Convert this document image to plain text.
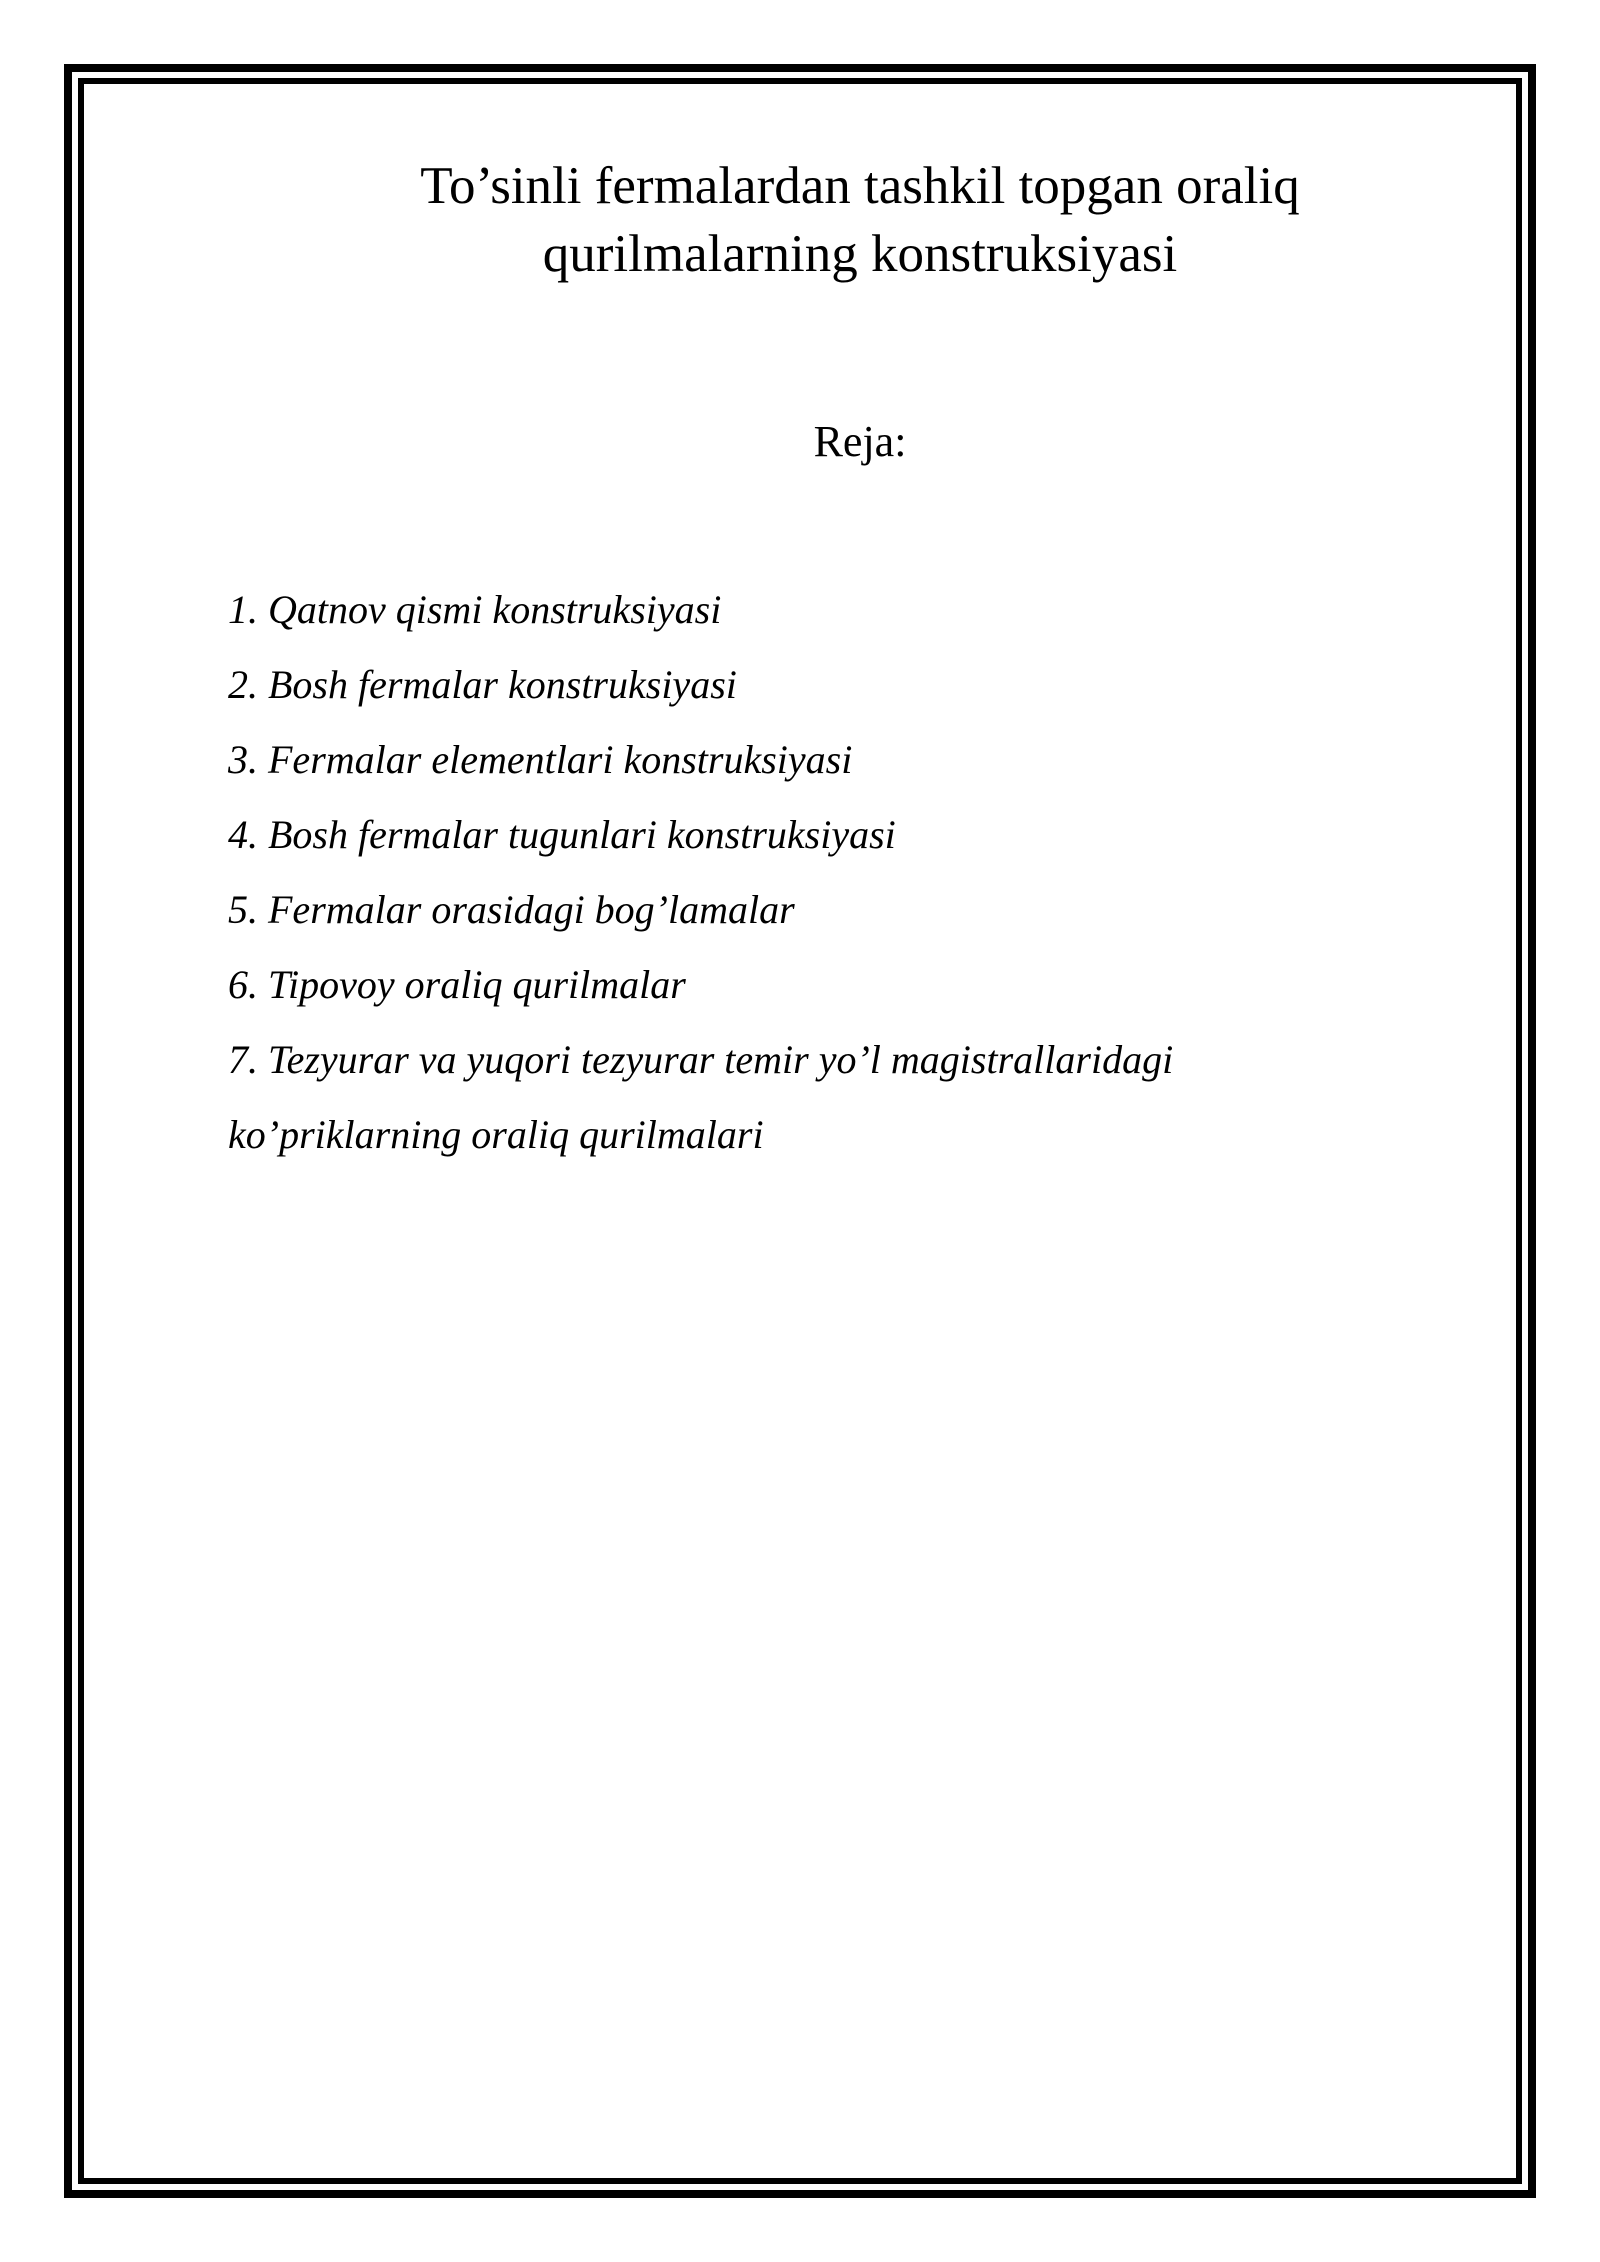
To’sinli fermalardan tashkil topgan oraliq
qurilmalarning konstruksiyasi
Reja:
1. Qatnov qismi konstruksiyasi
2. Bosh fermalar konstruksiyasi
3. Fermalar elementlari konstruksiyasi
4. Bosh fermalar tugunlari konstruksiyasi
5. Fermalar orasidagi bog’lamalar
6. Tipovoy oraliq qurilmalar
7. Tezyurar va yuqori tezyurar temir yo’l magistrallaridagi
ko’priklarning oraliq qurilmalari
